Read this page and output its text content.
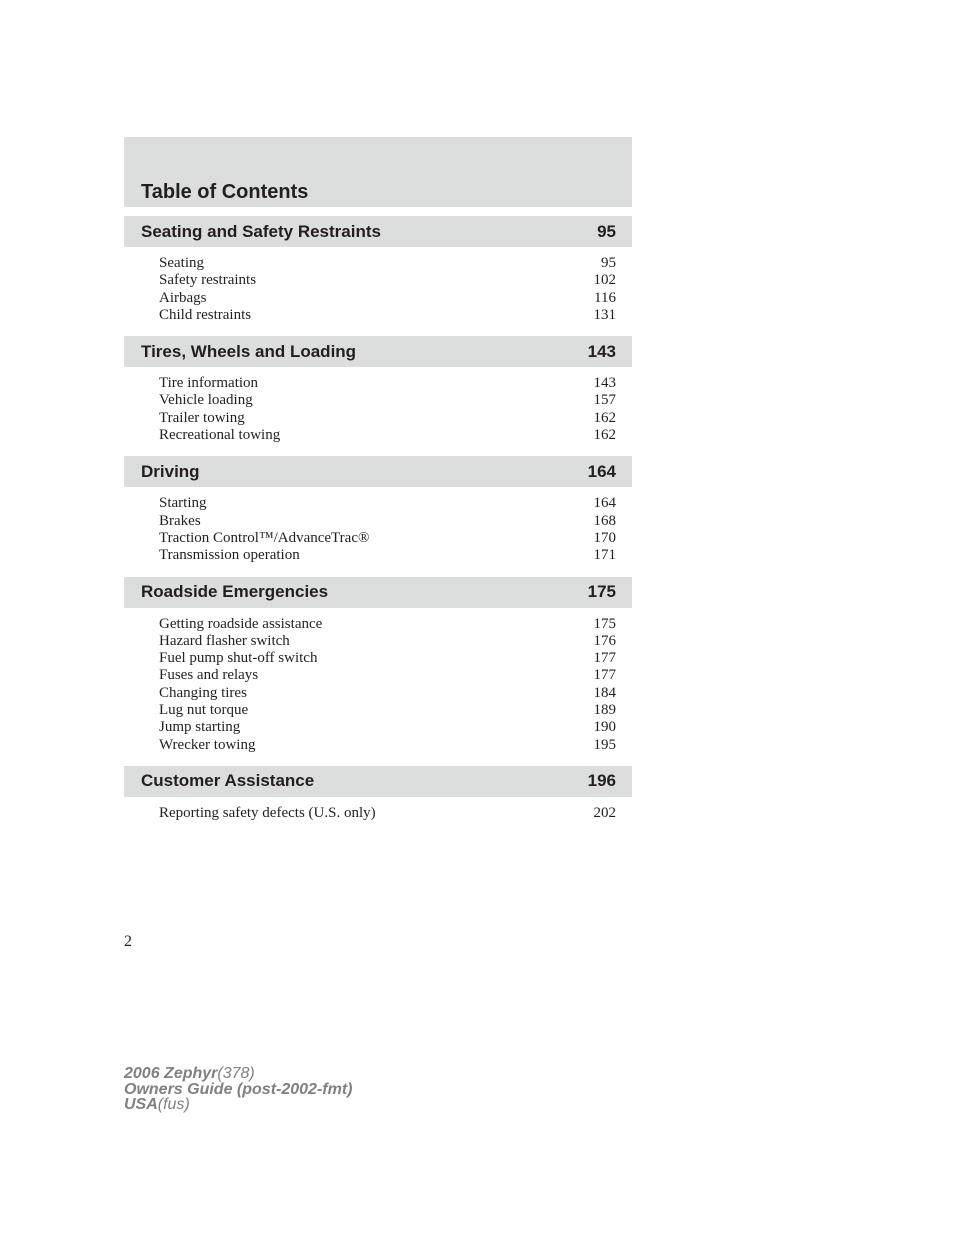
Table of Contents
Seating and Safety Restraints	95
Seating	95
Safety restraints	102
Airbags	116
Child restraints	131
Tires, Wheels and Loading	143
Tire information	143
Vehicle loading	157
Trailer towing	162
Recreational towing	162
Driving	164
Starting	164
Brakes	168
Traction Control™/AdvanceTrac®	170
Transmission operation	171
Roadside Emergencies	175
Getting roadside assistance	175
Hazard flasher switch	176
Fuel pump shut-off switch	177
Fuses and relays	177
Changing tires	184
Lug nut torque	189
Jump starting	190
Wrecker towing	195
Customer Assistance	196
Reporting safety defects (U.S. only)	202
2
2006 Zephyr(378)
Owners Guide (post-2002-fmt)
USA(fus)
